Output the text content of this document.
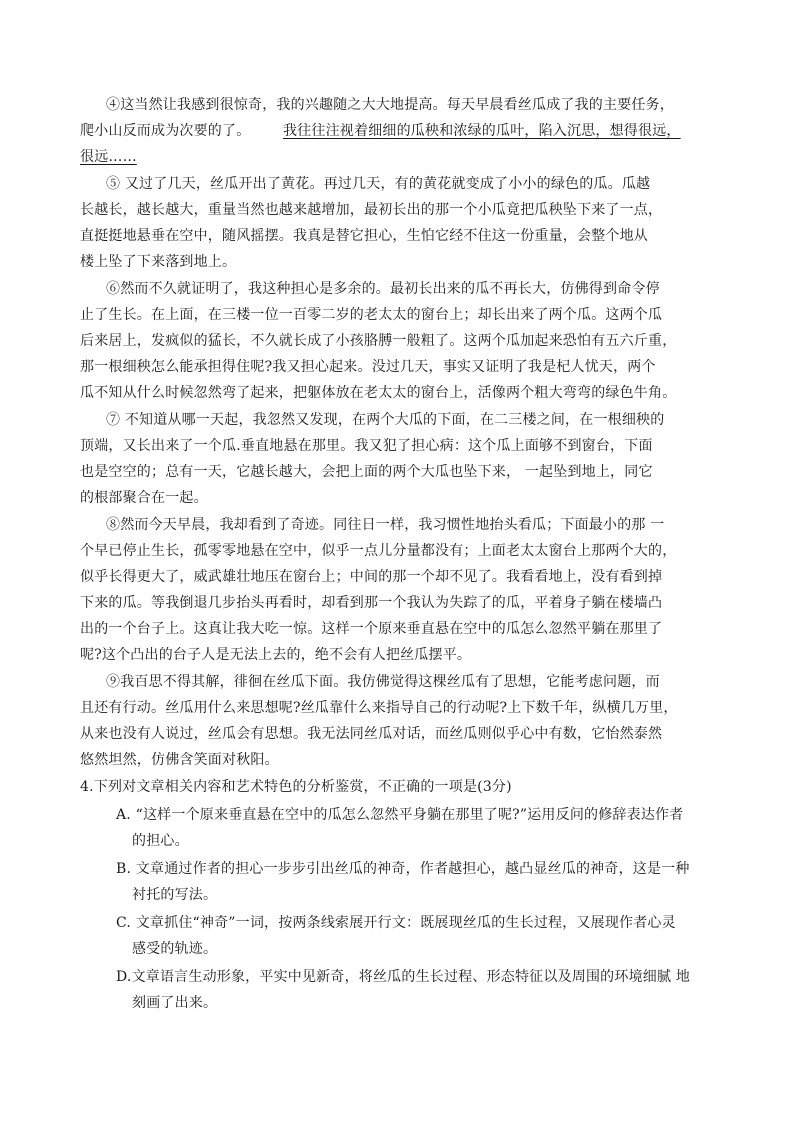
④这当然让我感到很惊奇，我的兴趣随之大大地提高。每天早晨看丝瓜成了我的主要任务，
爬小山反而成为次要的了。 我往往注视着细细的瓜秧和浓绿的瓜叶，陷入沉思，想得很远，
很远……
⑤ 又过了几天，丝瓜开出了黄花。再过几天，有的黄花就变成了小小的绿色的瓜。瓜越
长越长，越长越大，重量当然也越来越增加，最初长出的那一个小瓜竟把瓜秧坠下来了一点，
直挺挺地悬垂在空中，随风摇摆。我真是替它担心，生怕它经不住这一份重量，会整个地从
楼上坠了下来落到地上。
⑥然而不久就证明了，我这种担心是多余的。最初长出来的瓜不再长大，仿佛得到命令停
止了生长。在上面，在三楼一位一百零二岁的老太太的窗台上；却长出来了两个瓜。这两个瓜
后来居上，发疯似的猛长，不久就长成了小孩胳膊一般粗了。这两个瓜加起来恐怕有五六斤重，
那一根细秧怎么能承担得住呢?我又担心起来。没过几天，事实又证明了我是杞人忧天，两个
瓜不知从什么时候忽然弯了起来，把躯体放在老太太的窗台上，活像两个粗大弯弯的绿色牛角。
⑦ 不知道从哪一天起，我忽然又发现，在两个大瓜的下面，在二三楼之间，在一根细秧的
顶端，又长出来了一个瓜.垂直地悬在那里。我又犯了担心病：这个瓜上面够不到窗台，下面
也是空空的；总有一天，它越长越大，会把上面的两个大瓜也坠下来， 一起坠到地上，同它
的根部聚合在一起。
⑧然而今天早晨，我却看到了奇迹。同往日一样，我习惯性地抬头看瓜；下面最小的那 一
个早已停止生长，孤零零地悬在空中，似乎一点儿分量都没有；上面老太太窗台上那两个大的，
似乎长得更大了，威武雄壮地压在窗台上；中间的那一个却不见了。我看看地上，没有看到掉
下来的瓜。等我倒退几步抬头再看时，却看到那一个我认为失踪了的瓜，平着身子躺在楼墙凸
出的一个台子上。这真让我大吃一惊。这样一个原来垂直悬在空中的瓜怎么忽然平躺在那里了
呢?这个凸出的台子人是无法上去的，绝不会有人把丝瓜摆平。
⑨我百思不得其解，徘徊在丝瓜下面。我仿佛觉得这棵丝瓜有了思想，它能考虑问题，而
且还有行动。丝瓜用什么来思想呢?丝瓜靠什么来指导自己的行动呢?上下数千年，纵横几万里，
从来也没有人说过，丝瓜会有思想。我无法同丝瓜对话，而丝瓜则似乎心中有数，它怡然泰然
悠然坦然，仿佛含笑面对秋阳。
4.下列对文章相关内容和艺术特色的分析鉴赏，不正确的一项是(3分)
A. “这样一个原来垂直悬在空中的瓜怎么忽然平身躺在那里了呢?”运用反问的修辞表达作者
的担心。
B. 文章通过作者的担心一步步引出丝瓜的神奇，作者越担心，越凸显丝瓜的神奇，这是一种
衬托的写法。
C. 文章抓住“神奇”一词，按两条线索展开行文：既展现丝瓜的生长过程，又展现作者心灵
感受的轨迹。
D.文章语言生动形象，平实中见新奇，将丝瓜的生长过程、形态特征以及周围的环境细腻 地
刻画了出来。
